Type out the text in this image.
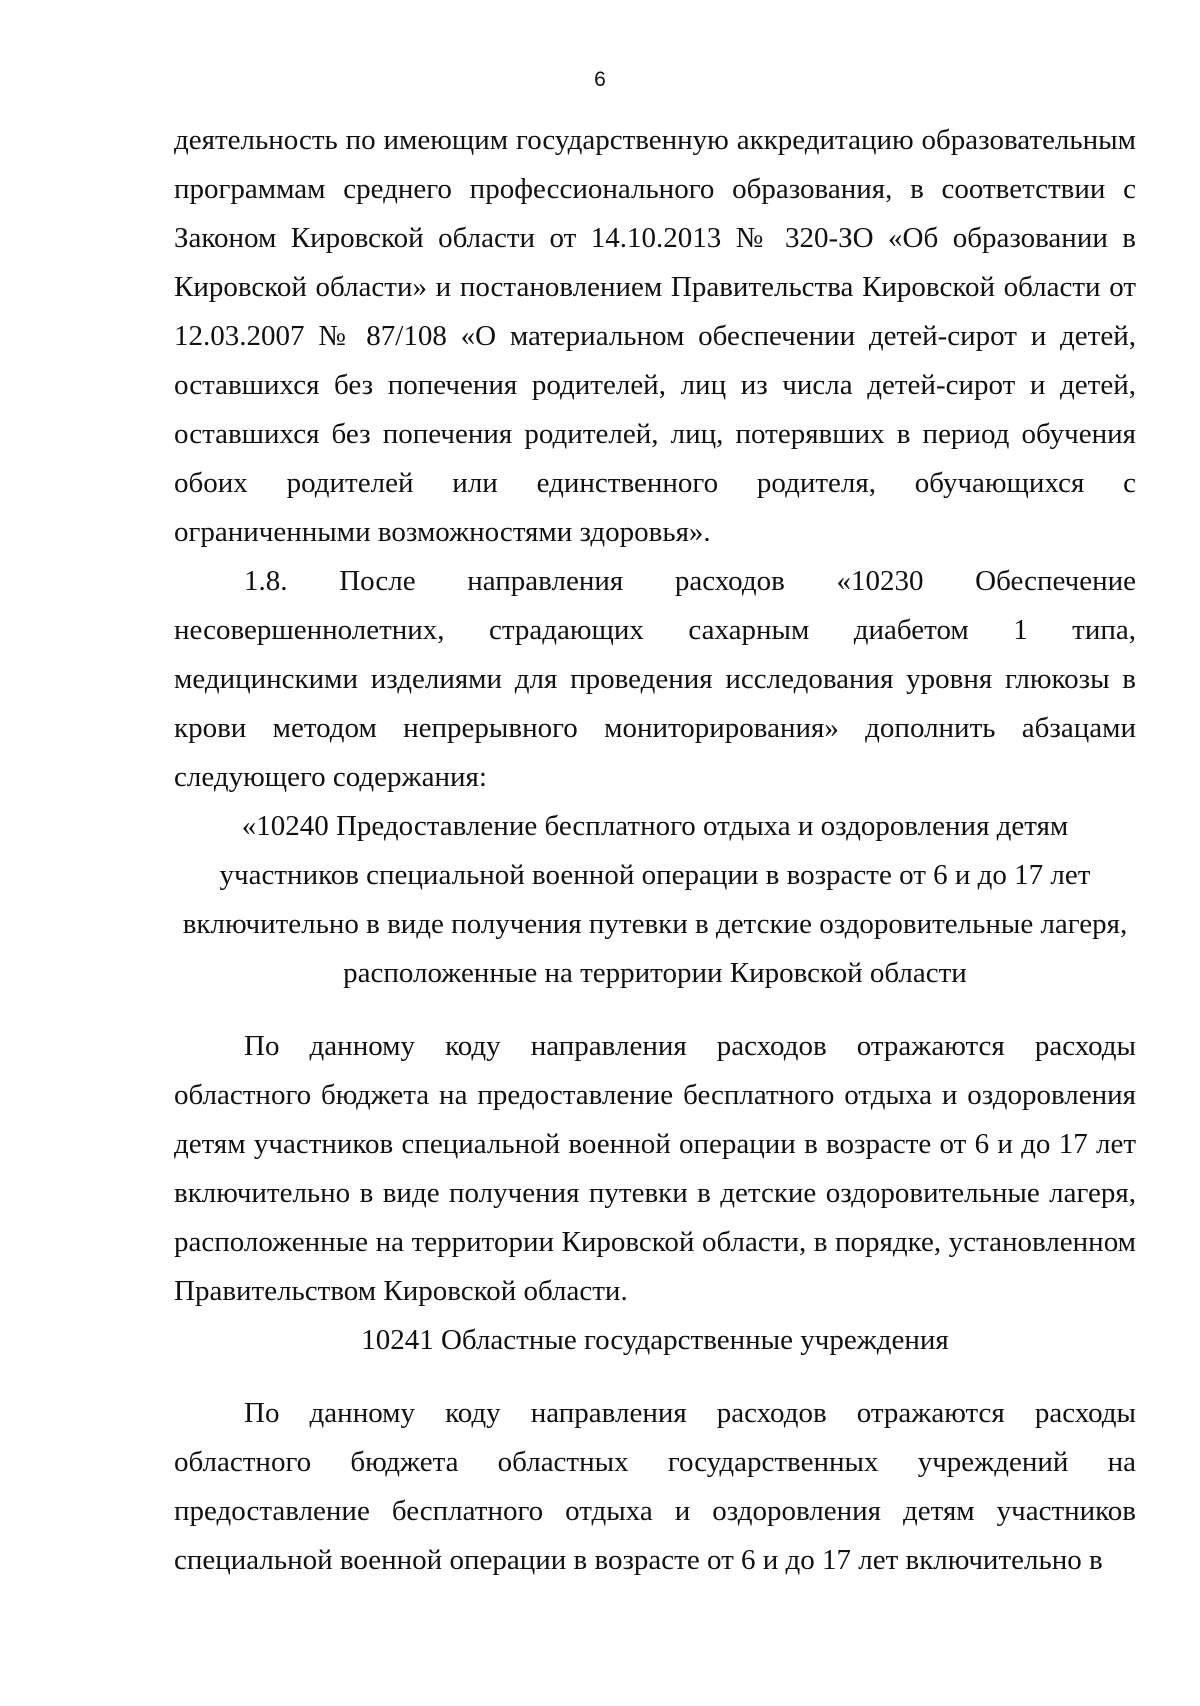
6

деятельность по имеющим государственную аккредитацию образовательным программам среднего профессионального образования, в соответствии с Законом Кировской области от 14.10.2013 № 320-ЗО «Об образовании в Кировской области» и постановлением Правительства Кировской области от 12.03.2007 № 87/108 «О материальном обеспечении детей-сирот и детей, оставшихся без попечения родителей, лиц из числа детей-сирот и детей, оставшихся без попечения родителей, лиц, потерявших в период обучения обоих родителей или единственного родителя, обучающихся с ограниченными возможностями здоровья».

1.8. После направления расходов «10230 Обеспечение несовершеннолетних, страдающих сахарным диабетом 1 типа, медицинскими изделиями для проведения исследования уровня глюкозы в крови методом непрерывного мониторирования» дополнить абзацами следующего содержания:

«10240 Предоставление бесплатного отдыха и оздоровления детям
участников специальной военной операции в возрасте от 6 и до 17 лет
включительно в виде получения путевки в детские оздоровительные лагеря,
расположенные на территории Кировской области

По данному коду направления расходов отражаются расходы областного бюджета на предоставление бесплатного отдыха и оздоровления детям участников специальной военной операции в возрасте от 6 и до 17 лет включительно в виде получения путевки в детские оздоровительные лагеря, расположенные на территории Кировской области, в порядке, установленном Правительством Кировской области.

10241 Областные государственные учреждения

По данному коду направления расходов отражаются расходы областного бюджета областных государственных учреждений на предоставление бесплатного отдыха и оздоровления детям участников специальной военной операции в возрасте от 6 и до 17 лет включительно в
